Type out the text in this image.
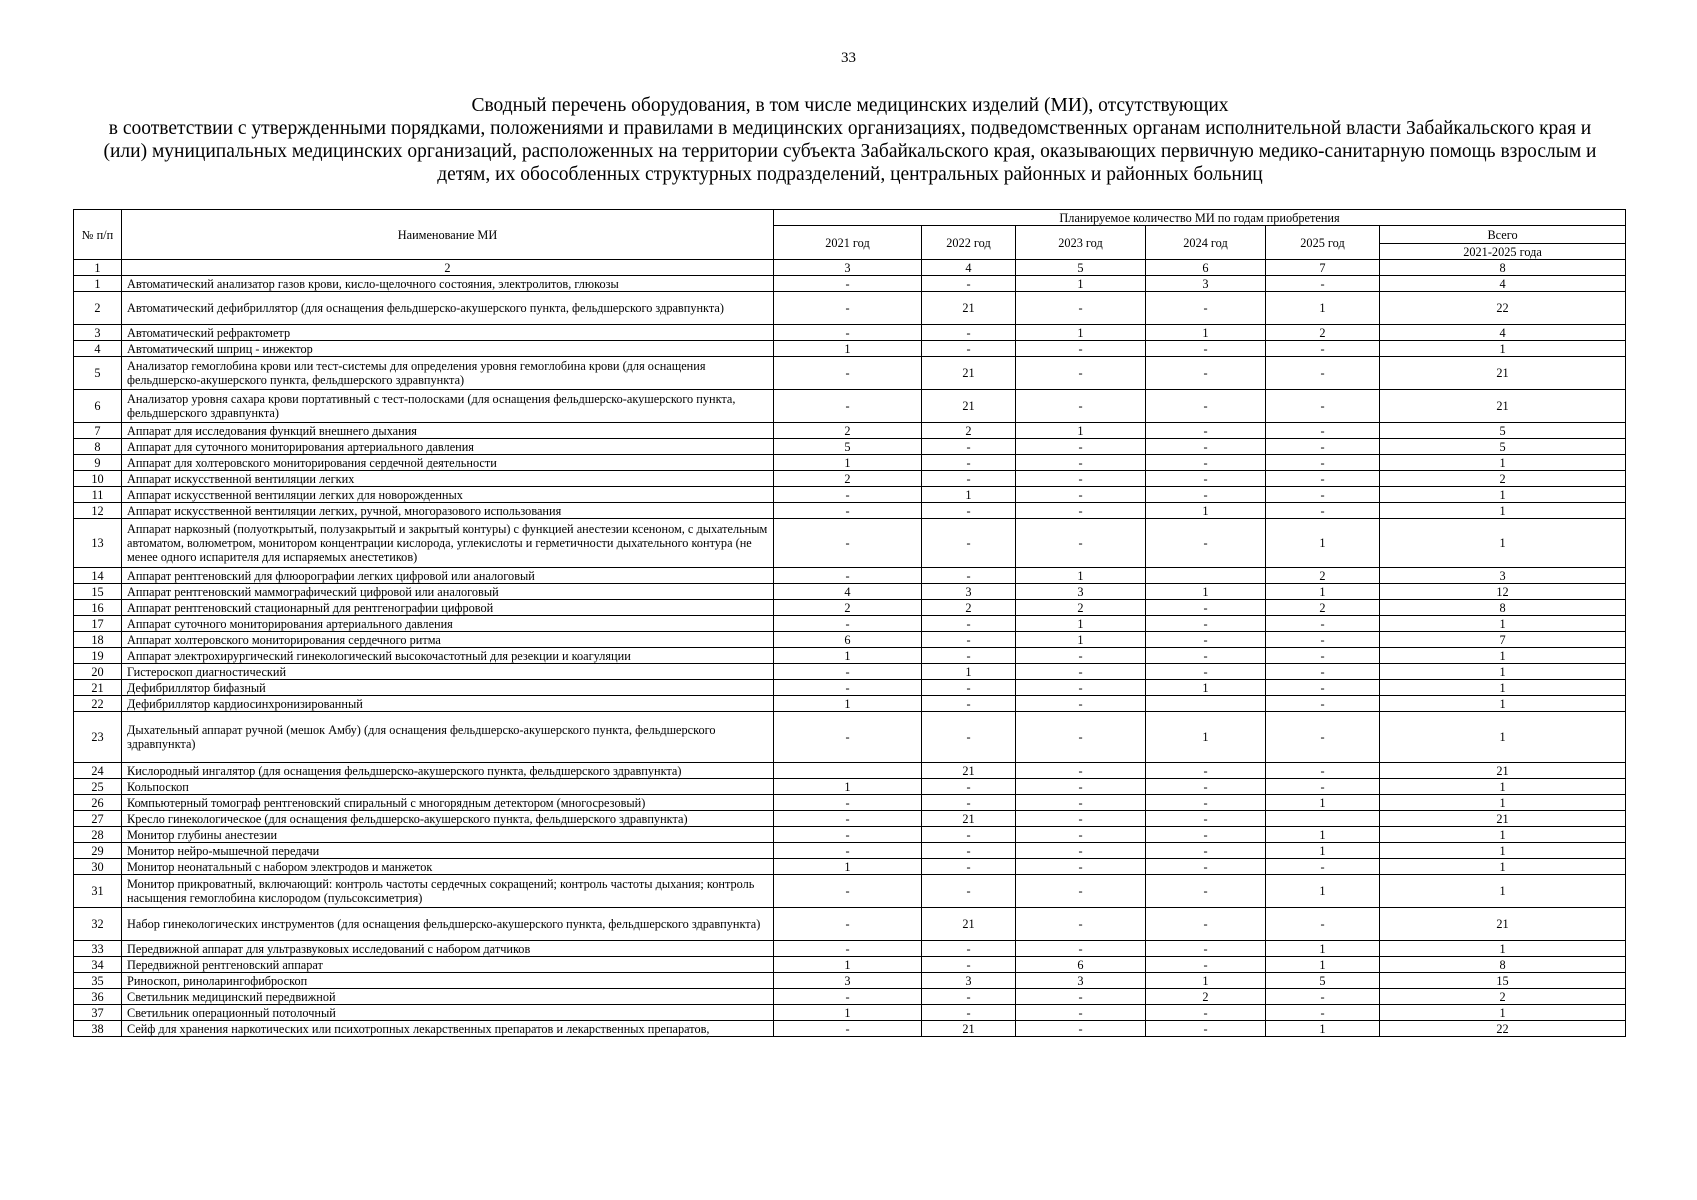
33
Сводный перечень оборудования, в том числе медицинских изделий (МИ), отсутствующих
в соответствии с утвержденными порядками, положениями и правилами в медицинских организациях, подведомственных органам исполнительной власти Забайкальского края и
(или) муниципальных медицинских организаций, расположенных на территории субъекта Забайкальского края, оказывающих первичную медико-санитарную помощь взрослым и
детям, их обособленных структурных подразделений, центральных районных и районных больниц
№ п/п	Наименование МИ	Планируемое количество МИ по годам приобретения					
		2021 год	2022 год	2023 год	2024 год	2025 год	Всего
							2021-2025 года
1	2	3	4	5	6	7	8
1	Автоматический анализатор газов крови, кисло-щелочного состояния, электролитов, глюкозы	-	-	1	3	-	4
2	Автоматический дефибриллятор (для оснащения фельдшерско-акушерского пункта, фельдшерского здравпункта)	-	21	-	-	1	22
3	Автоматический рефрактометр	-	-	1	1	2	4
4	Автоматический шприц - инжектор	1	-	-	-	-	1
5	Анализатор гемоглобина крови или тест-системы для определения уровня гемоглобина крови (для оснащения фельдшерско-акушерского пункта, фельдшерского здравпункта)	-	21	-	-	-	21
6	Анализатор уровня сахара крови портативный с тест-полосками (для оснащения фельдшерско-акушерского пункта, фельдшерского здравпункта)	-	21	-	-	-	21
7	Аппарат для исследования функций внешнего дыхания	2	2	1	-	-	5
8	Аппарат для суточного мониторирования артериального давления	5	-	-	-	-	5
9	Аппарат для холтеровского мониторирования сердечной деятельности	1	-	-	-	-	1
10	Аппарат искусственной вентиляции легких	2	-	-	-	-	2
11	Аппарат искусственной вентиляции легких для новорожденных	-	1	-	-	-	1
12	Аппарат искусственной вентиляции легких, ручной, многоразового использования	-	-	-	1	-	1
13	Аппарат наркозный (полуоткрытый, полузакрытый и закрытый контуры) с функцией анестезии ксеноном, с дыхательным автоматом, волюметром, монитором концентрации кислорода, углекислоты и герметичности дыхательного контура (не менее одного испарителя для испаряемых анестетиков)	-	-	-	-	1	1
14	Аппарат рентгеновский для флюорографии легких цифровой или аналоговый	-	-	1		2	3
15	Аппарат рентгеновский маммографический цифровой или аналоговый	4	3	3	1	1	12
16	Аппарат рентгеновский стационарный для рентгенографии цифровой	2	2	2	-	2	8
17	Аппарат суточного мониторирования артериального давления	-	-	1	-	-	1
18	Аппарат холтеровского мониторирования сердечного ритма	6	-	1	-	-	7
19	Аппарат электрохирургический гинекологический высокочастотный для резекции и коагуляции	1	-	-	-	-	1
20	Гистероскоп диагностический	-	1	-	-	-	1
21	Дефибриллятор бифазный	-	-	-	1	-	1
22	Дефибриллятор кардиосинхронизированный	1	-	-		-	1
23	Дыхательный аппарат ручной (мешок Амбу) (для оснащения фельдшерско-акушерского пункта, фельдшерского здравпункта)	-	-	-	1	-	1
24	Кислородный ингалятор (для оснащения фельдшерско-акушерского пункта, фельдшерского здравпункта)		21	-	-	-	21
25	Кольпоскоп	1	-	-	-	-	1
26	Компьютерный томограф рентгеновский спиральный с многорядным детектором (многосрезовый)	-	-	-	-	1	1
27	Кресло гинекологическое (для оснащения фельдшерско-акушерского пункта, фельдшерского здравпункта)	-	21	-	-		21
28	Монитор глубины анестезии	-	-	-	-	1	1
29	Монитор нейро-мышечной передачи	-	-	-	-	1	1
30	Монитор неонатальный с набором электродов и манжеток	1	-	-	-	-	1
31	Монитор прикроватный, включающий: контроль частоты сердечных сокращений; контроль частоты дыхания; контроль насыщения гемоглобина кислородом (пульсоксиметрия)	-	-	-	-	1	1
32	Набор гинекологических инструментов (для оснащения фельдшерско-акушерского пункта, фельдшерского здравпункта)	-	21	-	-	-	21
33	Передвижной аппарат для ультразвуковых исследований с набором датчиков	-	-	-	-	1	1
34	Передвижной рентгеновский аппарат	1	-	6	-	1	8
35	Риноскоп, риноларингофиброскоп	3	3	3	1	5	15
36	Светильник медицинский передвижной	-	-	-	2	-	2
37	Светильник операционный потолочный	1	-	-	-	-	1
38	Сейф для хранения наркотических или психотропных лекарственных препаратов и лекарственных препаратов,	-	21	-	-	1	22
